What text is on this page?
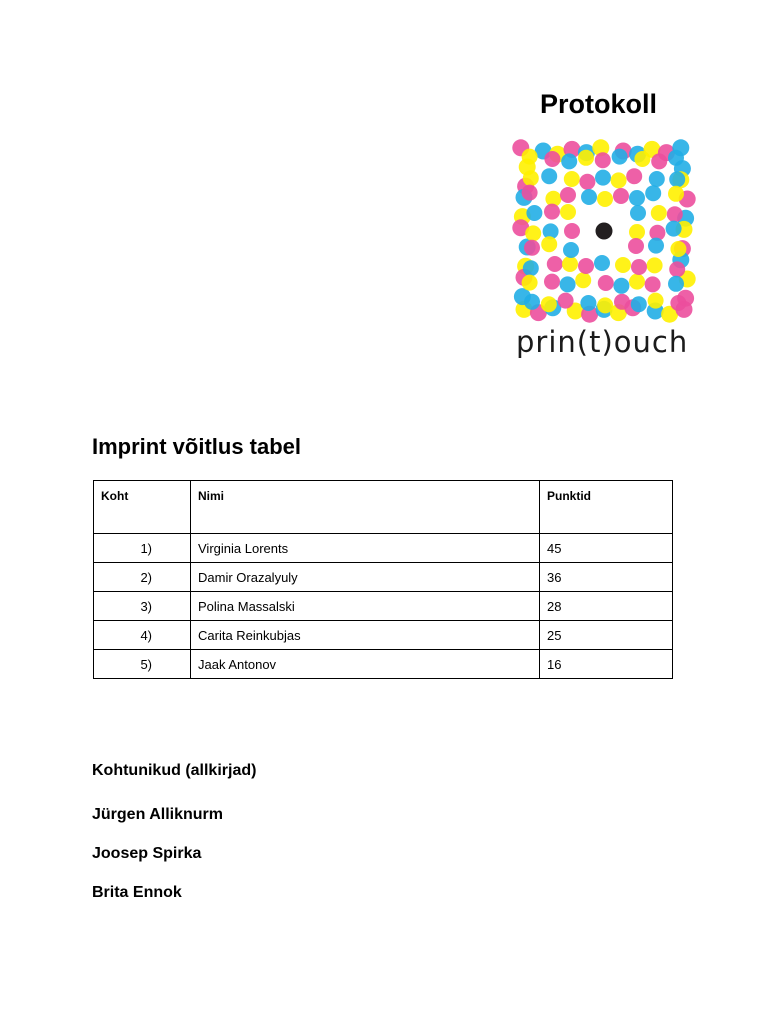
Protokoll
prin(t)ouch
Imprint võitlus tabel
Koht	Nimi	Punktid
1)	Virginia Lorents	45
2)	Damir Orazalyuly	36
3)	Polina Massalski	28
4)	Carita Reinkubjas	25
5)	Jaak Antonov	16
Kohtunikud (allkirjad)
Jürgen Alliknurm
Joosep Spirka
Brita Ennok
